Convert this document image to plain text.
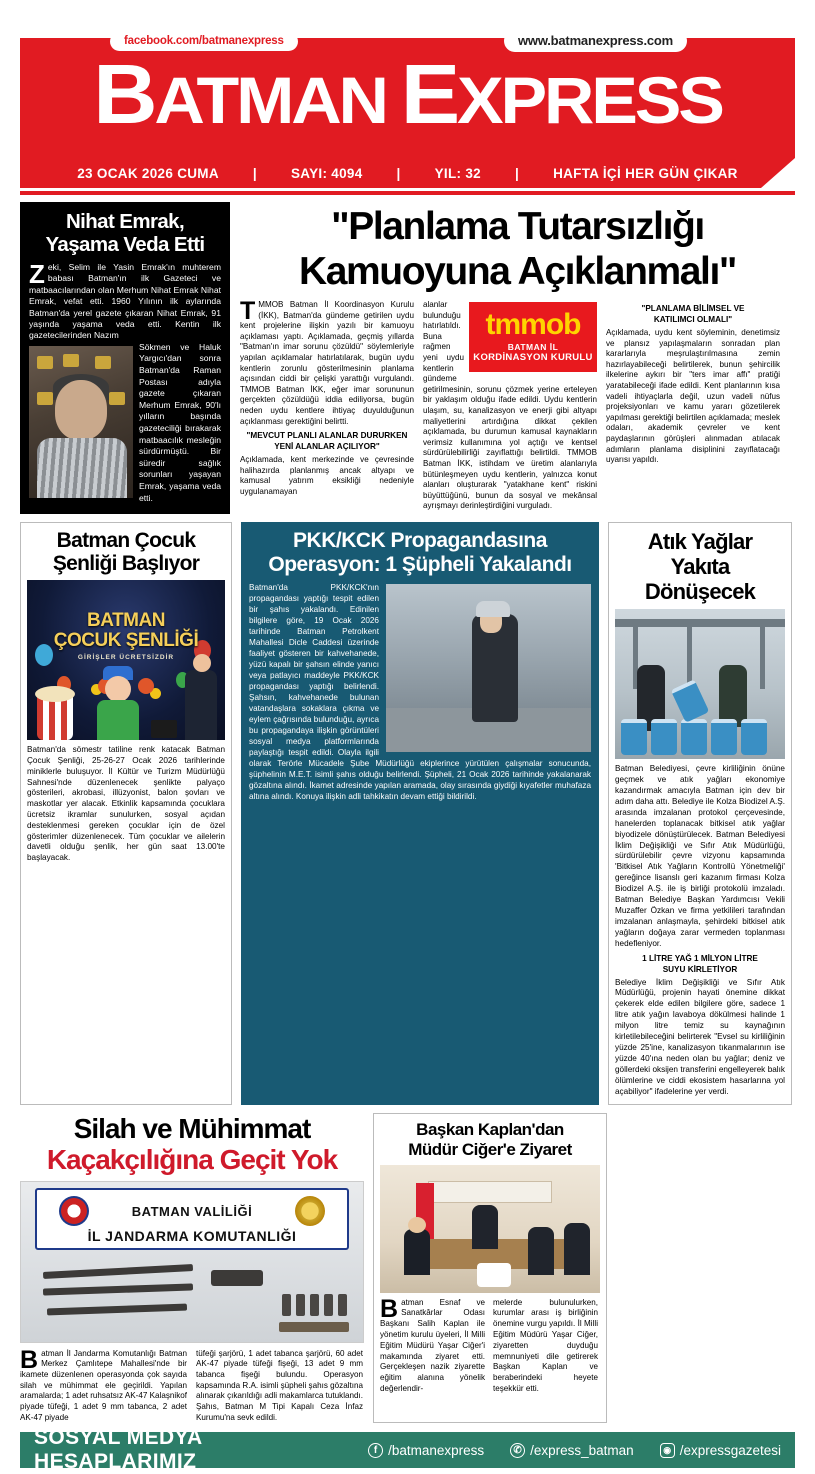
facebook.com/batmanexpress	www.batmanexpress.com
BATMAN EXPRESS
23 OCAK 2026 CUMA	|	SAYI: 4094	|	YIL: 32	|	HAFTA İÇİ HER GÜN ÇIKAR
Nihat Emrak,
Yaşama Veda Etti

Zeki, Selim ile Yasin Emrak'ın muhterem babası Batman'ın ilk Gazeteci ve matbaacılarından olan Merhum Nihat Emrak Nihat Emrak, vefat etti. 1960 Yılının ilk aylarında Batman'da yerel gazete çıkaran Nihat Emrak, 91 yaşında yaşama veda etti. Kentin ilk gazetecilerinden Nazım

Sökmen ve Haluk Yargıcı'dan sonra Batman'da Raman Postası adıyla gazete çıkaran Merhum Emrak, 90'lı yılların başında gazeteciliği bırakarak matbaacılık mesleğin sürdürmüştü. Bir süredir sağlık sorunları yaşayan Emrak, yaşama veda etti.
"Planlama Tutarsızlığı
Kamuoyuna Açıklanmalı"

TMMOB Batman İl Koordinasyon Kurulu (İKK), Batman'da gündeme getirilen uydu kent projelerine ilişkin yazılı bir kamuoyu açıklaması yaptı. Açıklamada, geçmiş yıllarda "Batman'ın imar sorunu çözüldü" söylemleriyle yapılan açıklamalar hatırlatılarak, bugün uydu kentlerin zorunlu gösterilmesinin planlama açısından ciddi bir çelişki yarattığı vurgulandı. TMMOB Batman İKK, eğer imar sorununun gerçekten çözüldüğü iddia ediliyorsa, bugün neden uydu kentlere ihtiyaç duyulduğunun açıklanması gerektiğini belirtti.

"MEVCUT PLANLI ALANLAR DURURKEN
YENİ ALANLAR AÇILIYOR"

Açıklamada, kent merkezinde ve çevresinde halihazırda planlanmış ancak altyapı ve kamusal yatırım eksikliği nedeniyle uygulanamayan

tmmob
BATMAN İL
KORDİNASYON KURULU

alanlar bulunduğu hatırlatıldı. Buna rağmen yeni uydu kentlerin gündeme getirilmesinin, sorunu çözmek yerine erteleyen bir yaklaşım olduğu ifade edildi. Uydu kentlerin ulaşım, su, kanalizasyon ve enerji gibi altyapı maliyetlerini artırdığına dikkat çekilen açıklamada, bu durumun kamusal kaynakların verimsiz kullanımına yol açtığı ve kentsel sürdürülebilirliği zayıflattığı belirtildi. TMMOB Batman İKK, istihdam ve üretim alanlarıyla bütünleşmeyen uydu kentlerin, yalnızca konut alanları oluşturarak "yatakhane kent" riskini büyüttüğünü, bunun da sosyal ve mekânsal ayrışmayı derinleştirdiğini vurguladı.

"PLANLAMA BİLİMSEL VE
KATILIMCI OLMALI"

Açıklamada, uydu kent söyleminin, denetimsiz ve plansız yapılaşmaların sonradan plan kararlarıyla meşrulaştırılmasına zemin hazırlayabileceği belirtilerek, bunun şehircilik ilkelerine aykırı bir "ters imar affı" pratiği yaratabileceği ifade edildi. Kent planlarının kısa vadeli ihtiyaçlarla değil, uzun vadeli nüfus projeksiyonları ve kamu yararı gözetilerek yapılması gerektiği belirtilen açıklamada; meslek odaları, akademik çevreler ve kent paydaşlarının görüşleri alınmadan atılacak adımların planlama disiplinini zayıflatacağı uyarısı yapıldı.

Batman Çocuk
Şenliği Başlıyor
BATMAN
ÇOCUK ŞENLİĞİ
GİRİŞLER ÜCRETSİZDİR

Batman'da sömestr tatiline renk katacak Batman Çocuk Şenliği, 25-26-27 Ocak 2026 tarihlerinde miniklerle buluşuyor. İl Kültür ve Turizm Müdürlüğü Sahnesi'nde düzenlenecek şenlikte palyaço gösterileri, akrobasi, illüzyonist, balon şovları ve maskotlar yer alacak. Etkinlik kapsamında çocuklara ücretsiz ikramlar sunulurken, sosyal açıdan desteklenmesi gereken çocuklar için de özel gösterimler düzenlenecek. Tüm çocuklar ve ailelerin davetli olduğu şenlik, her gün saat 13.00'te başlayacak.

PKK/KCK Propagandasına
Operasyon: 1 Şüpheli Yakalandı
Batman'da PKK/KCK'nın propagandası yaptığı tespit edilen bir şahıs yakalandı. Edinilen bilgilere göre, 19 Ocak 2026 tarihinde Batman Petrolkent Mahallesi Dicle Caddesi üzerinde faaliyet gösteren bir kahvehanede, yüzü kapalı bir şahsın elinde yanıcı veya patlayıcı maddeyle PKK/KCK propagandası yaptığı belirlendi. Şahsın, kahvehanede bulunan vatandaşlara sokaklara çıkma ve eylem çağrısında bulunduğu, ayrıca bu propagandaya ilişkin görüntüleri sosyal medya platformlarında paylaştığı tespit edildi. Olayla ilgili olarak Terörle Mücadele Şube Müdürlüğü ekiplerince yürütülen çalışmalar sonucunda, şüphelinin M.E.T. isimli şahıs olduğu belirlendi. Şüpheli, 21 Ocak 2026 tarihinde yakalanarak gözaltına alındı. İkamet adresinde yapılan aramada, olay sırasında giydiği kıyafetler muhafaza altına alındı. Konuya ilişkin adli tahkikatın devam ettiği bildirildi.
Atık Yağlar
Yakıta
Dönüşecek

Batman Belediyesi, çevre kirliliğinin önüne geçmek ve atık yağları ekonomiye kazandırmak amacıyla Batman için dev bir adım daha attı. Belediye ile Kolza Biodizel A.Ş. arasında imzalanan protokol çerçevesinde, hanelerden toplanacak bitkisel atık yağlar biyodizele dönüştürülecek. Batman Belediyesi İklim Değişikliği ve Sıfır Atık Müdürlüğü, sürdürülebilir çevre vizyonu kapsamında 'Bitkisel Atık Yağların Kontrollü Yönetmeliği' gereğince lisanslı geri kazanım firması Kolza Biodizel A.Ş. ile iş birliği protokolü imzaladı. Batman Belediye Başkan Yardımcısı Vekili Muzaffer Özkan ve firma yetkilileri tarafından imzalanan anlaşmayla, şehirdeki bitkisel atık yağların doğaya zarar vermeden toplanması hedefleniyor.

1 LİTRE YAĞ 1 MİLYON LİTRE
SUYU KİRLETİYOR

Belediye İklim Değişikliği ve Sıfır Atık Müdürlüğü, projenin hayati önemine dikkat çekerek elde edilen bilgilere göre, sadece 1 litre atık yağın lavaboya dökülmesi halinde 1 milyon litre temiz su kaynağının kirletilebileceğini belirterek "Evsel su kirliliğinin yüzde 25'ine, kanalizasyon tıkanmalarının ise yüzde 40'ına neden olan bu yağlar; deniz ve göllerdeki oksijen transferini engelleyerek balık ölümlerine ve ciddi ekosistem hasarlarına yol açabiliyor" ifadelerine yer verdi.

Silah ve Mühimmat
Kaçakçılığına Geçit Yok
BATMAN VALİLİĞİ
İL JANDARMA KOMUTANLIĞI

Batman İl Jandarma Komutanlığı Batman Merkez Çamlıtepe Mahallesi'nde bir ikamete düzenlenen operasyonda çok sayıda silah ve mühimmat ele geçirildi. Yapılan aramalarda; 1 adet ruhsatsız AK-47 Kalaşnikof piyade tüfeği, 1 adet 9 mm tabanca, 2 adet AK-47 piyade

tüfeği şarjörü, 1 adet tabanca şarjörü, 60 adet AK-47 piyade tüfeği fişeği, 13 adet 9 mm tabanca fişeği bulundu. Operasyon kapsamında R.A. isimli şüpheli şahıs gözaltına alınarak çıkarıldığı adli makamlarca tutuklandı. Şahıs, Batman M Tipi Kapalı Ceza İnfaz Kurumu'na sevk edildi.

Başkan Kaplan'dan
Müdür Ciğer'e Ziyaret
Batman Esnaf ve Sanatkârlar Odası Başkanı Salih Kaplan ile yönetim kurulu üyeleri, İl Milli Eğitim Müdürü Yaşar Ciğer'i makamında ziyaret etti. Gerçekleşen nazik ziyarette eğitim alanına yönelik değerlendir-
melerde bulunulurken, kurumlar arası iş birliğinin önemine vurgu yapıldı. İl Milli Eğitim Müdürü Yaşar Ciğer, ziyaretten duyduğu memnuniyeti dile getirerek Başkan Kaplan ve beraberindeki heyete teşekkür etti.
SOSYAL MEDYA HESAPLARIMIZ	f /batmanexpress	✆ /express_batman	◉ /expressgazetesi
